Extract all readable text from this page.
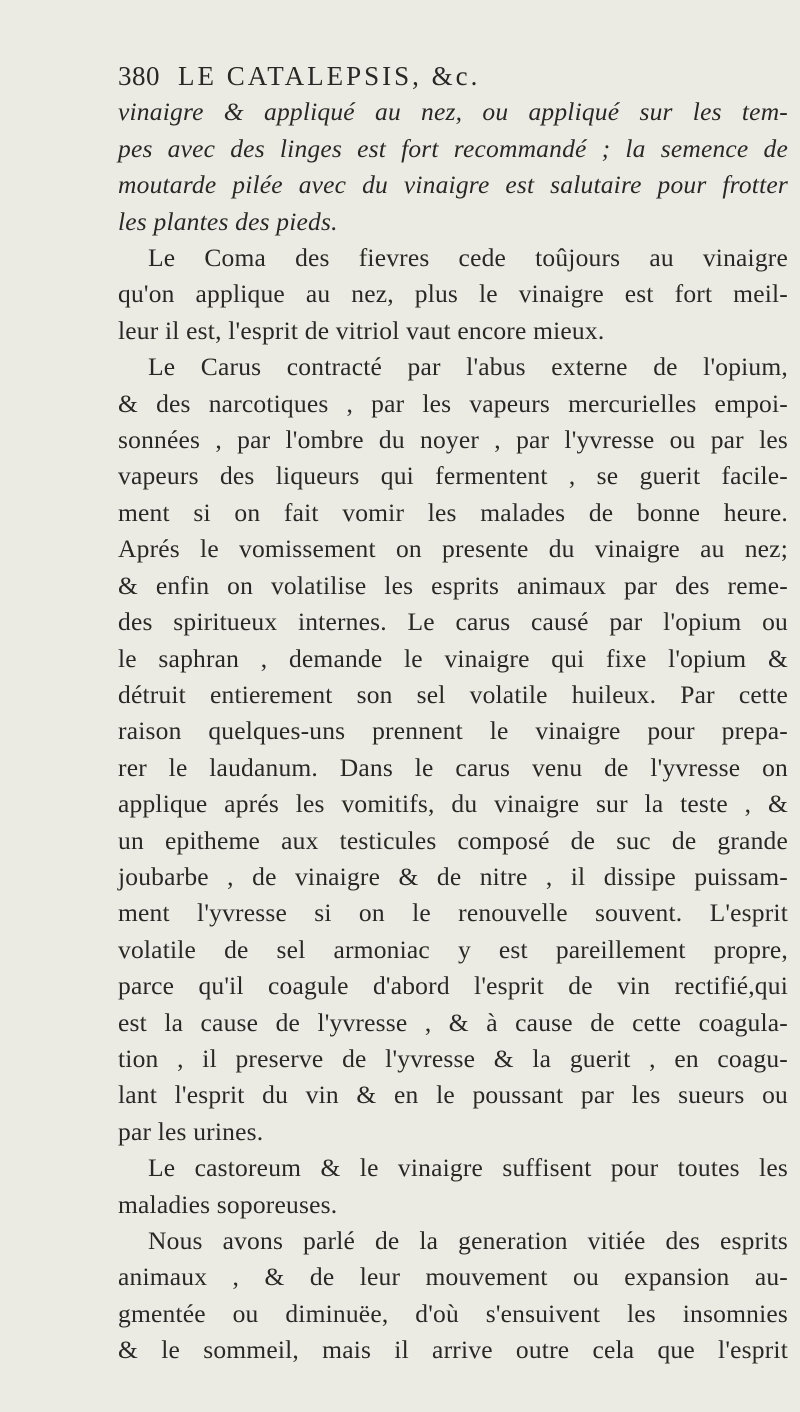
380 LE CATALEPSIS, &c.

vinaigre & appliqué au nez, ou appliqué sur les tem-
pes avec des linges est fort recommandé ; la semence de
moutarde pilée avec du vinaigre est salutaire pour frotter
les plantes des pieds.

Le Coma des fievres cede toûjours au vinaigre
qu'on applique au nez, plus le vinaigre est fort meil-
leur il est, l'esprit de vitriol vaut encore mieux.

Le Carus contracté par l'abus externe de l'opium,
& des narcotiques , par les vapeurs mercurielles empoi-
sonnées , par l'ombre du noyer , par l'yvresse ou par les
vapeurs des liqueurs qui fermentent , se guerit facile-
ment si on fait vomir les malades de bonne heure.
Aprés le vomissement on presente du vinaigre au nez;
& enfin on volatilise les esprits animaux par des reme-
des spiritueux internes. Le carus causé par l'opium ou
le saphran , demande le vinaigre qui fixe l'opium &
détruit entierement son sel volatile huileux. Par cette
raison quelques-uns prennent le vinaigre pour prepa-
rer le laudanum. Dans le carus venu de l'yvresse on
applique aprés les vomitifs, du vinaigre sur la teste , &
un epitheme aux testicules composé de suc de grande
joubarbe , de vinaigre & de nitre , il dissipe puissam-
ment l'yvresse si on le renouvelle souvent. L'esprit
volatile de sel armoniac y est pareillement propre,
parce qu'il coagule d'abord l'esprit de vin rectifié,qui
est la cause de l'yvresse , & à cause de cette coagula-
tion , il preserve de l'yvresse & la guerit , en coagu-
lant l'esprit du vin & en le poussant par les sueurs ou
par les urines.

Le castoreum & le vinaigre suffisent pour toutes les
maladies soporeuses.

Nous avons parlé de la generation vitiée des esprits
animaux , & de leur mouvement ou expansion au-
gmentée ou diminuëe, d'où s'ensuivent les insomnies
& le sommeil, mais il arrive outre cela que l'esprit
